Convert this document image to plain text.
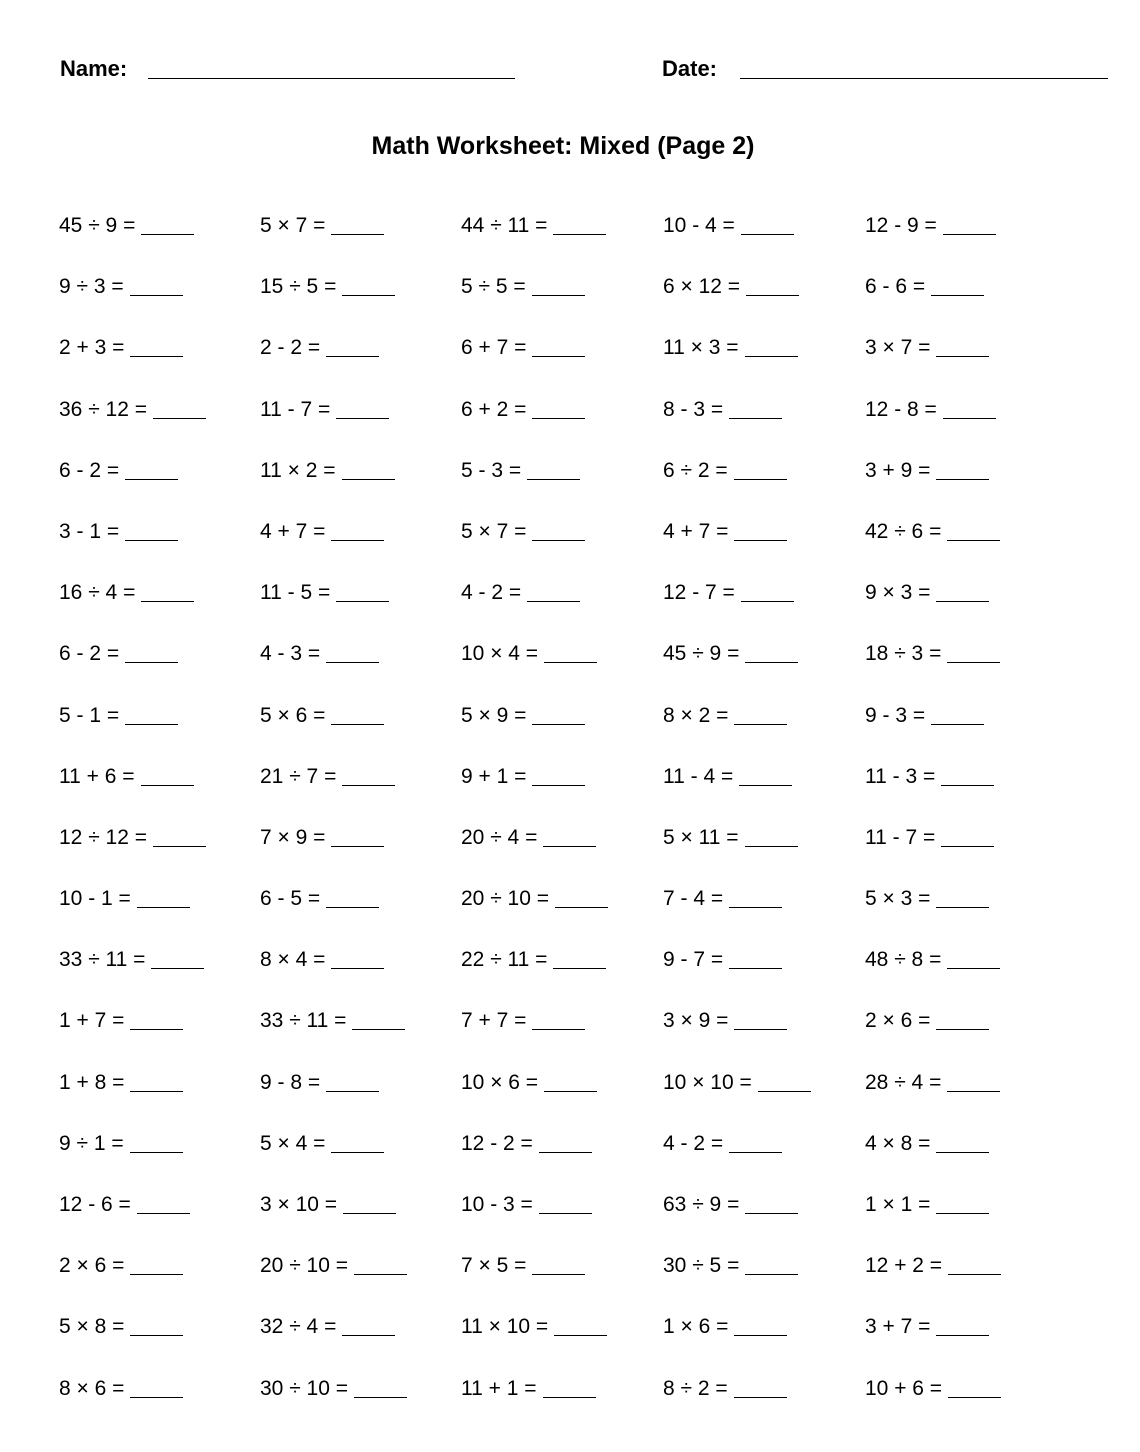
Name:	Date:
Math Worksheet: Mixed (Page 2)
45 ÷ 9 =	5 × 7 =	44 ÷ 11 =	10 - 4 =	12 - 9 =
9 ÷ 3 =	15 ÷ 5 =	5 ÷ 5 =	6 × 12 =	6 - 6 =
2 + 3 =	2 - 2 =	6 + 7 =	11 × 3 =	3 × 7 =
36 ÷ 12 =	11 - 7 =	6 + 2 =	8 - 3 =	12 - 8 =
6 - 2 =	11 × 2 =	5 - 3 =	6 ÷ 2 =	3 + 9 =
3 - 1 =	4 + 7 =	5 × 7 =	4 + 7 =	42 ÷ 6 =
16 ÷ 4 =	11 - 5 =	4 - 2 =	12 - 7 =	9 × 3 =
6 - 2 =	4 - 3 =	10 × 4 =	45 ÷ 9 =	18 ÷ 3 =
5 - 1 =	5 × 6 =	5 × 9 =	8 × 2 =	9 - 3 =
11 + 6 =	21 ÷ 7 =	9 + 1 =	11 - 4 =	11 - 3 =
12 ÷ 12 =	7 × 9 =	20 ÷ 4 =	5 × 11 =	11 - 7 =
10 - 1 =	6 - 5 =	20 ÷ 10 =	7 - 4 =	5 × 3 =
33 ÷ 11 =	8 × 4 =	22 ÷ 11 =	9 - 7 =	48 ÷ 8 =
1 + 7 =	33 ÷ 11 =	7 + 7 =	3 × 9 =	2 × 6 =
1 + 8 =	9 - 8 =	10 × 6 =	10 × 10 =	28 ÷ 4 =
9 ÷ 1 =	5 × 4 =	12 - 2 =	4 - 2 =	4 × 8 =
12 - 6 =	3 × 10 =	10 - 3 =	63 ÷ 9 =	1 × 1 =
2 × 6 =	20 ÷ 10 =	7 × 5 =	30 ÷ 5 =	12 + 2 =
5 × 8 =	32 ÷ 4 =	11 × 10 =	1 × 6 =	3 + 7 =
8 × 6 =	30 ÷ 10 =	11 + 1 =	8 ÷ 2 =	10 + 6 =
